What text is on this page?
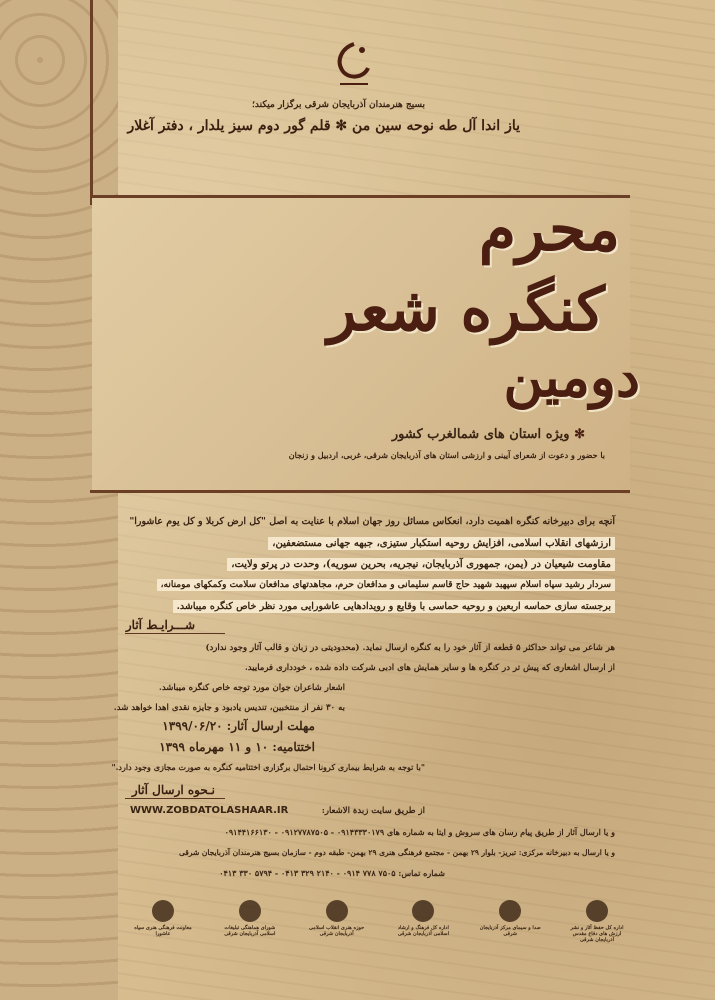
بسیج هنرمندان آذربایجان شرقی برگزار میکند؛
یاز اندا آل طه نوحه سین من ✻ قلم گور دوم سیز یلدار ، دفتر آغلار
محرم
کنگره شعر
دومین
✻ ویژه استان های شمالغرب کشور
با حضور و دعوت از شعرای آیینی و ارزشی استان های آذربایجان شرقی، غربی، اردبیل و زنجان
آنچه برای دبیرخانه کنگره اهمیت دارد، انعکاس مسائل روز جهان اسلام با عنایت به اصل "کل ارض کربلا و کل یوم عاشورا"
ارزشهای انقلاب اسلامی، افزایش روحیه استکبار ستیزی، جبهه جهانی مستضعفین،
مقاومت شیعیان در (یمن، جمهوری آذربایجان، نیجریه، بحرین سوریه)، وحدت در پرتو ولایت،
سردار رشید سپاه اسلام سپهبد شهید حاج قاسم سلیمانی و مدافعان حرم، مجاهدتهای مدافعان سلامت وکمکهای مومنانه،
برجسته سازی حماسه اربعین و روحیه حماسی با وقایع و رویدادهایی عاشورایی مورد نظر خاص کنگره میباشد.
شـــرایـط آثار
هر شاعر می تواند حداکثر ۵ قطعه از آثار خود را به کنگره ارسال نماید. (محدودیتی در زبان و قالب آثار وجود ندارد)
از ارسال اشعاری که پیش تر در کنگره ها و سایر همایش های ادبی شرکت داده شده ، خودداری فرمایید.
اشعار شاعران جوان مورد توجه خاص کنگره میباشد.
به ۳۰ نفر از منتخبین، تندیس یادبود و جایزه نقدی اهدا خواهد شد.
مهلت ارسال آثار: ۱۳۹۹/۰۶/۲۰
اختتامیه: ۱۰ و ۱۱ مهرماه ۱۳۹۹
"با توجه به شرایط بیماری کرونا احتمال برگزاری اختتامیه کنگره به صورت مجازی وجود دارد."
نـحوه ارسال آثار
از طریق سایت زبدة الاشعار:
WWW.ZOBDATOLASHAAR.IR
و یا ارسال آثار از طریق پیام رسان های سروش و ایتا به شماره های ۰۹۱۴۳۳۳۰۱۷۹ - ۰۹۱۲۷۷۸۷۵۰۵ - ۰۹۱۴۴۱۶۶۱۳۰
و یا ارسال به دبیرخانه مرکزی: تبریز- بلوار ۲۹ بهمن - مجتمع فرهنگی هنری ۲۹ بهمن- طبقه دوم - سازمان بسیج هنرمندان آذربایجان شرقی
شماره تماس: ۷۵۰۵ ۷۷۸ ۰۹۱۴ - ۲۱۴۰ ۳۲۹ ۰۴۱۳ - ۵۷۹۴ ۳۳۰ ۰۴۱۳
اداره کل حفظ آثار و نشر ارزش های دفاع مقدس آذربایجان شرقی
صدا و سیمای مرکز آذربایجان شرقی
اداره کل فرهنگ و ارشاد اسلامی آذربایجان شرقی
حوزه هنری انقلاب اسلامی آذربایجان شرقی
شورای هماهنگی تبلیغات اسلامی آذربایجان شرقی
معاونت فرهنگی هنری سپاه عاشورا
